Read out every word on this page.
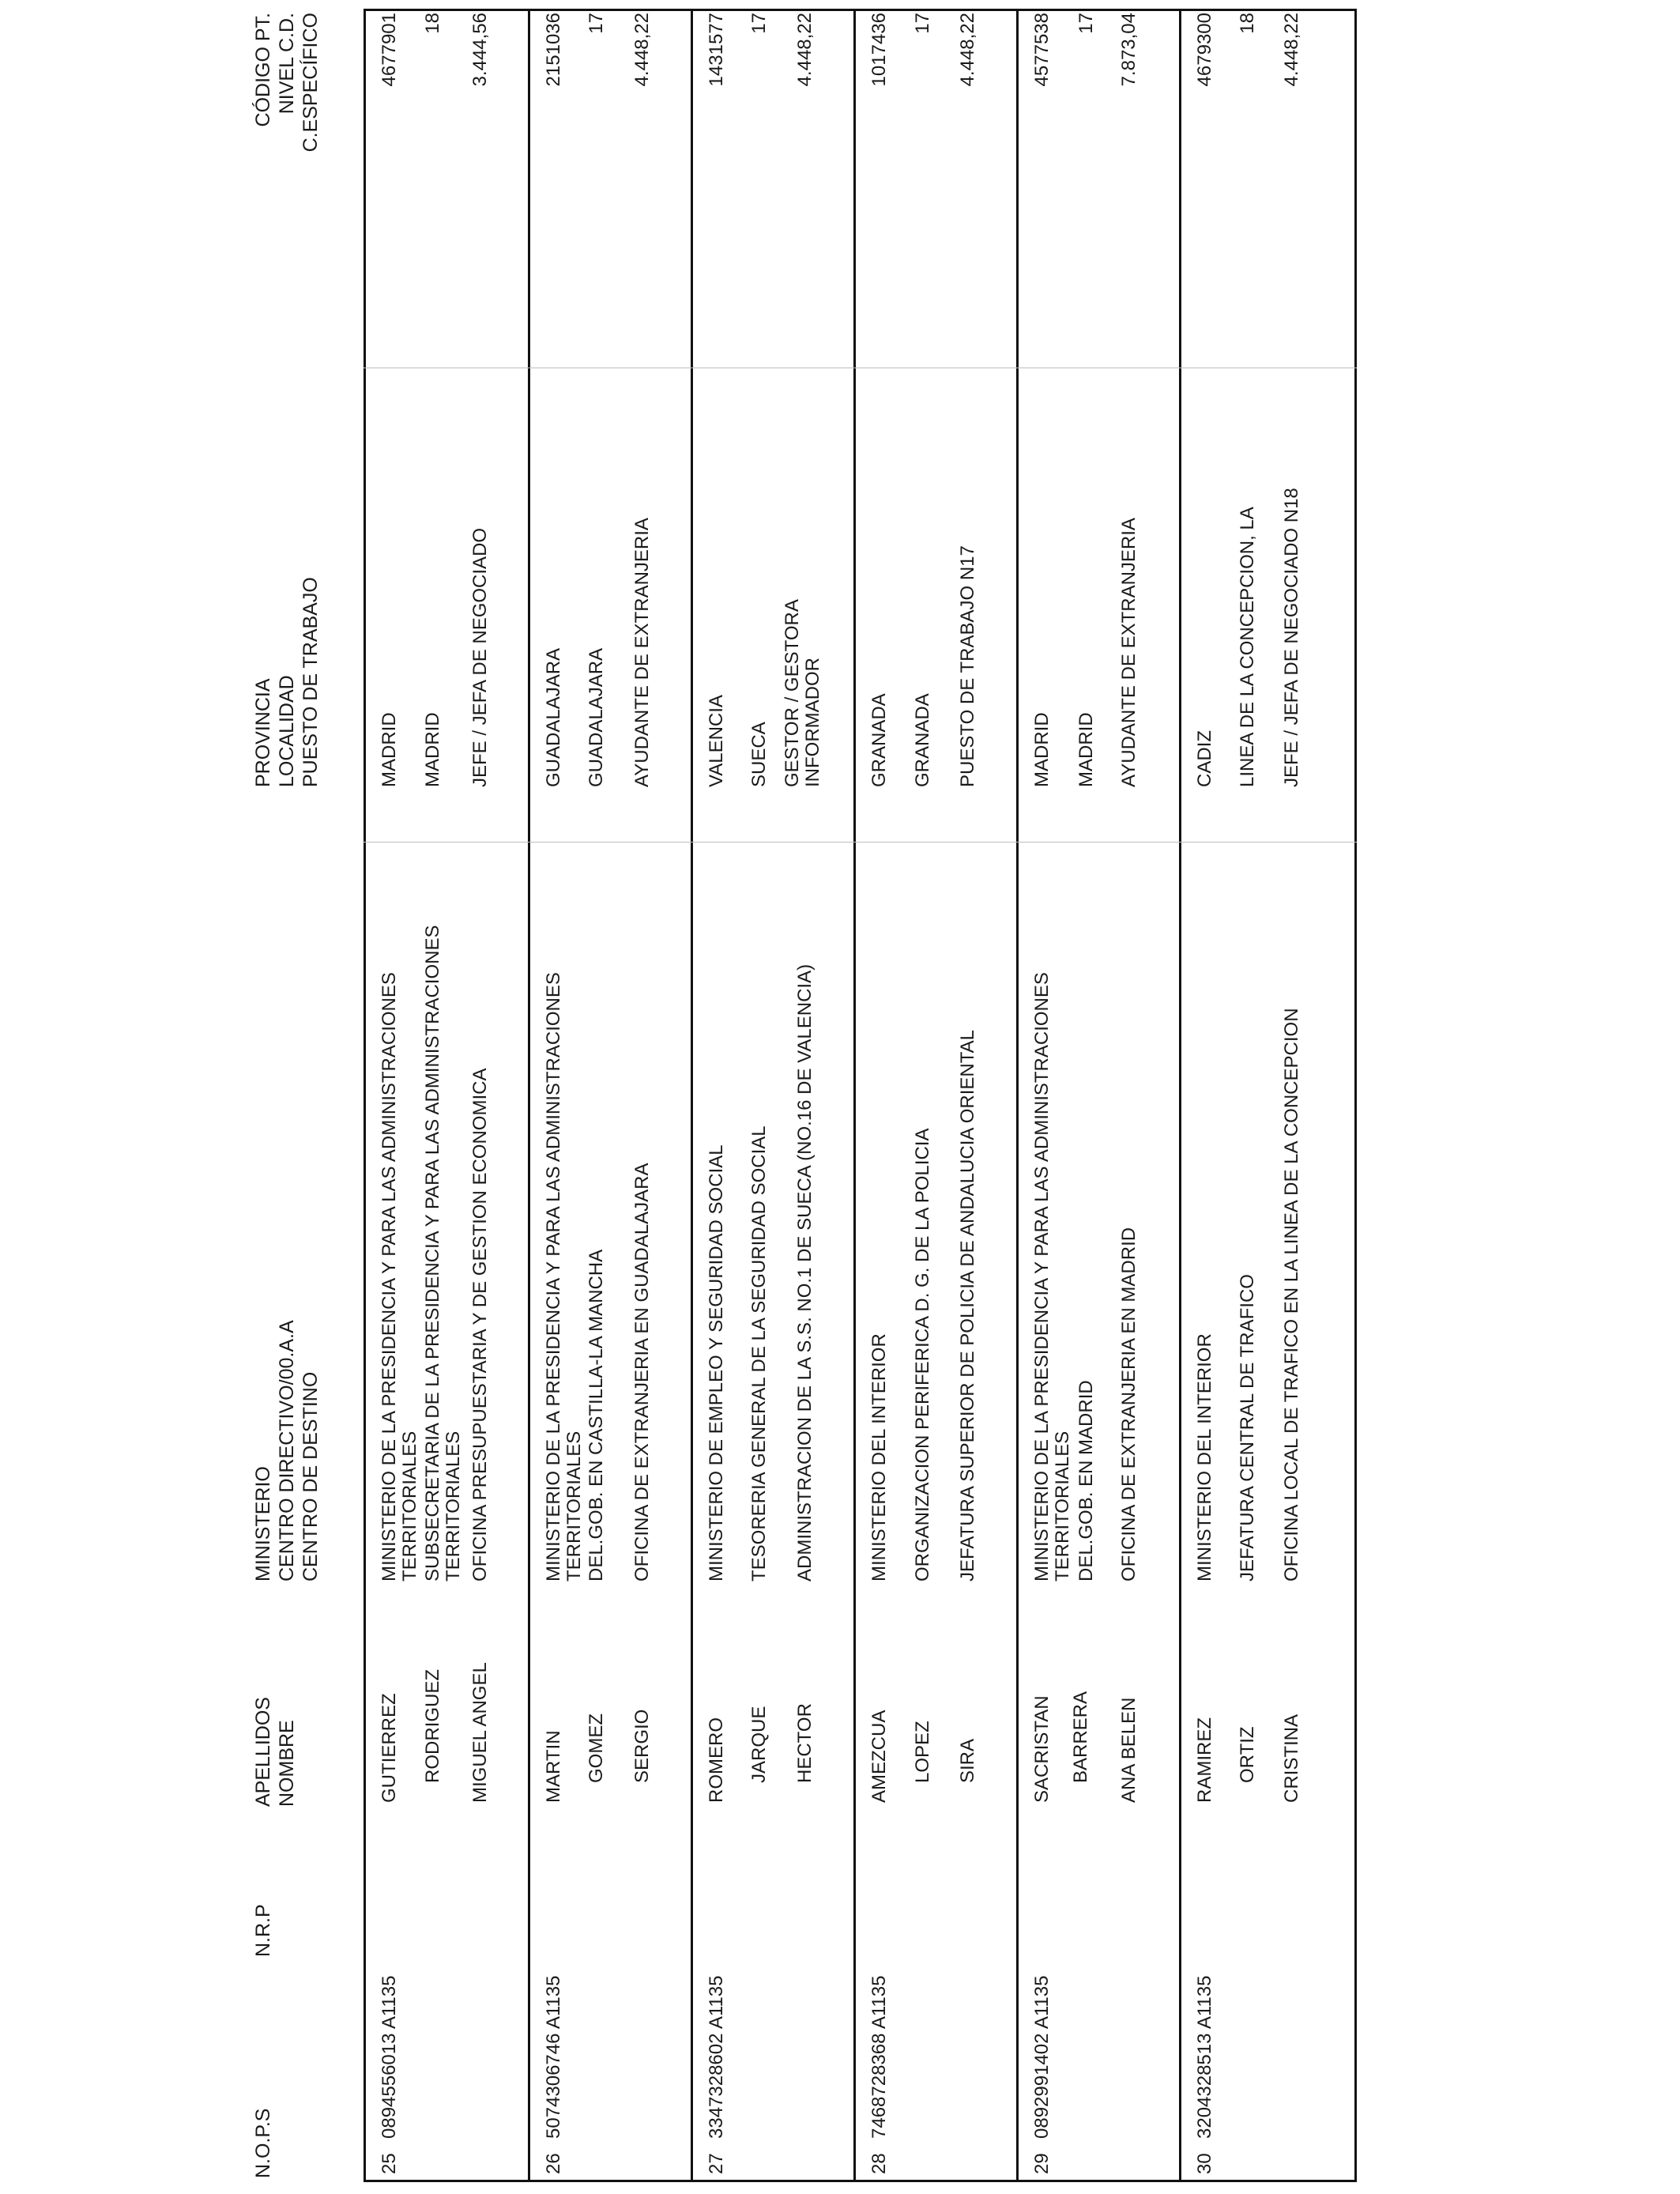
N.O.P.S
N.R.P
APELLIDOS NOMBRE
MINISTERIO CENTRO DIRECTIVO/00.A.A CENTRO DE DESTINO
PROVINCIA LOCALIDAD PUESTO DE TRABAJO
CÓDIGO PT. NIVEL C.D. C.ESPECÍFICO
25
0894556013 A1135
GUTIERREZ RODRIGUEZ MIGUEL ANGEL
MINISTERIO DE LA PRESIDENCIA Y PARA LAS ADMINISTRACIONES TERRITORIALES SUBSECRETARIA DE LA PRESIDENCIA Y PARA LAS ADMINISTRACIONES TERRITORIALES OFICINA PRESUPUESTARIA Y DE GESTION ECONOMICA
MADRID MADRID JEFE / JEFA DE NEGOCIADO
4677901 18 3.444,56
26
5074306746 A1135
MARTIN GOMEZ SERGIO
MINISTERIO DE LA PRESIDENCIA Y PARA LAS ADMINISTRACIONES TERRITORIALES DEL.GOB. EN CASTILLA-LA MANCHA OFICINA DE EXTRANJERIA EN GUADALAJARA
GUADALAJARA GUADALAJARA AYUDANTE DE EXTRANJERIA
2151036 17 4.448,22
27
3347328602 A1135
ROMERO JARQUE HECTOR
MINISTERIO DE EMPLEO Y SEGURIDAD SOCIAL TESORERIA GENERAL DE LA SEGURIDAD SOCIAL ADMINISTRACION DE LA S.S. NO.1 DE SUECA (NO.16 DE VALENCIA)
VALENCIA SUECA GESTOR / GESTORA INFORMADOR
1431577 17 4.448,22
28
7468728368 A1135
AMEZCUA LOPEZ SIRA
MINISTERIO DEL INTERIOR ORGANIZACION PERIFERICA D. G. DE LA POLICIA JEFATURA SUPERIOR DE POLICIA DE ANDALUCIA ORIENTAL
GRANADA GRANADA PUESTO DE TRABAJO N17
1017436 17 4.448,22
29
0892991402 A1135
SACRISTAN BARRERA ANA BELEN
MINISTERIO DE LA PRESIDENCIA Y PARA LAS ADMINISTRACIONES TERRITORIALES DEL.GOB. EN MADRID OFICINA DE EXTRANJERIA EN MADRID
MADRID MADRID AYUDANTE DE EXTRANJERIA
4577538 17 7.873,04
30
3204328513 A1135
RAMIREZ ORTIZ CRISTINA
MINISTERIO DEL INTERIOR JEFATURA CENTRAL DE TRAFICO OFICINA LOCAL DE TRAFICO EN LA LINEA DE LA CONCEPCION
CADIZ LINEA DE LA CONCEPCION, LA JEFE / JEFA DE NEGOCIADO N18
4679300 18 4.448,22
